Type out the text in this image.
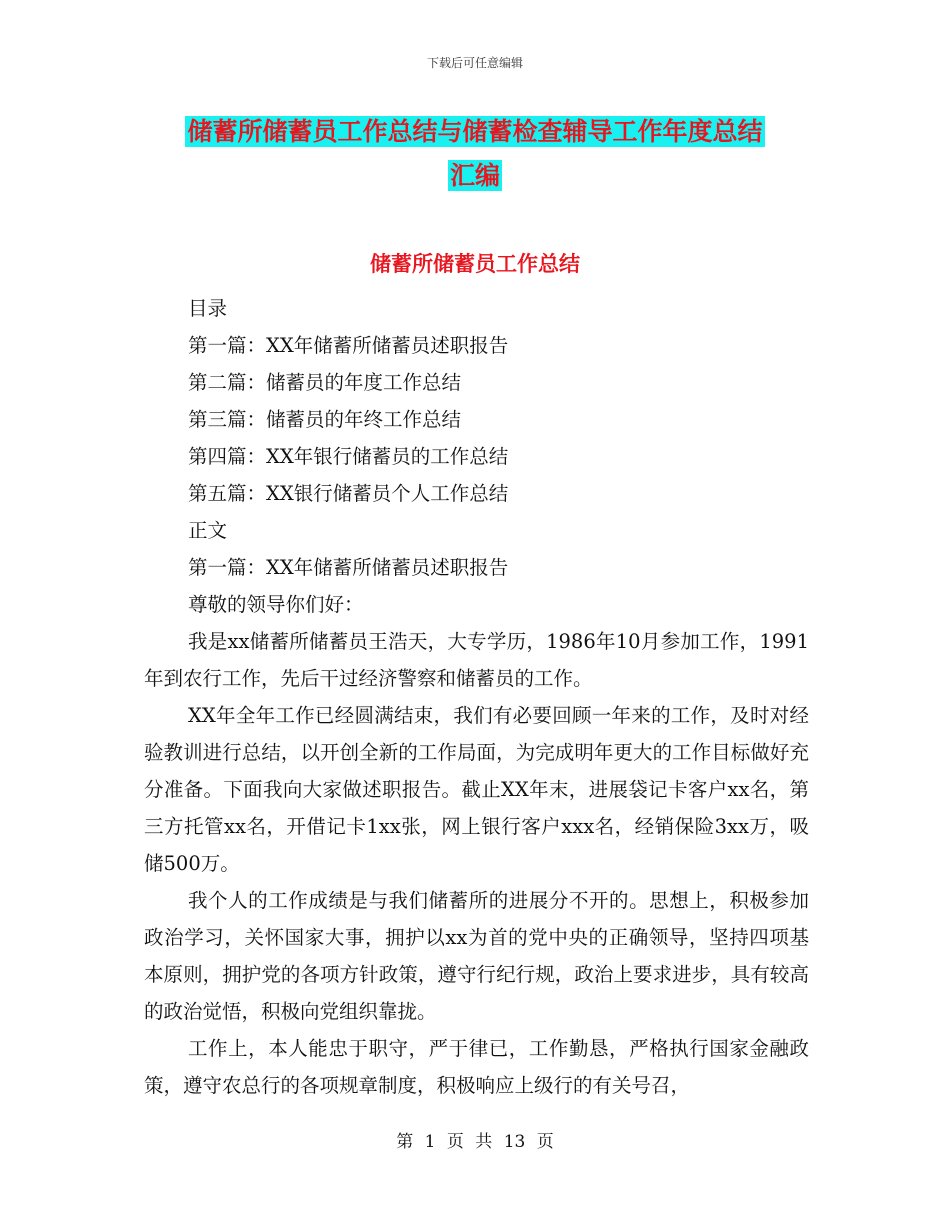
下载后可任意编辑
储蓄所储蓄员工作总结与储蓄检查辅导工作年度总结
汇编
储蓄所储蓄员工作总结

目录

第一篇：XX年储蓄所储蓄员述职报告

第二篇：储蓄员的年度工作总结

第三篇：储蓄员的年终工作总结

第四篇：XX年银行储蓄员的工作总结

第五篇：XX银行储蓄员个人工作总结

正文

第一篇：XX年储蓄所储蓄员述职报告

尊敬的领导你们好：

我是xx储蓄所储蓄员王浩天，大专学历，1986年10月参加工作，1991年到农行工作，先后干过经济警察和储蓄员的工作。

XX年全年工作已经圆满结束，我们有必要回顾一年来的工作，及时对经验教训进行总结，以开创全新的工作局面，为完成明年更大的工作目标做好充分准备。下面我向大家做述职报告。截止XX年末，进展袋记卡客户xx名，第三方托管xx名，开借记卡1xx张，网上银行客户xxx名，经销保险3xx万，吸储500万。

我个人的工作成绩是与我们储蓄所的进展分不开的。思想上，积极参加政治学习，关怀国家大事，拥护以xx为首的党中央的正确领导，坚持四项基本原则，拥护党的各项方针政策，遵守行纪行规，政治上要求进步，具有较高的政治觉悟，积极向党组织靠拢。

工作上，本人能忠于职守，严于律已，工作勤恳，严格执行国家金融政策，遵守农总行的各项规章制度，积极响应上级行的有关号召，

第 1 页 共 13 页
